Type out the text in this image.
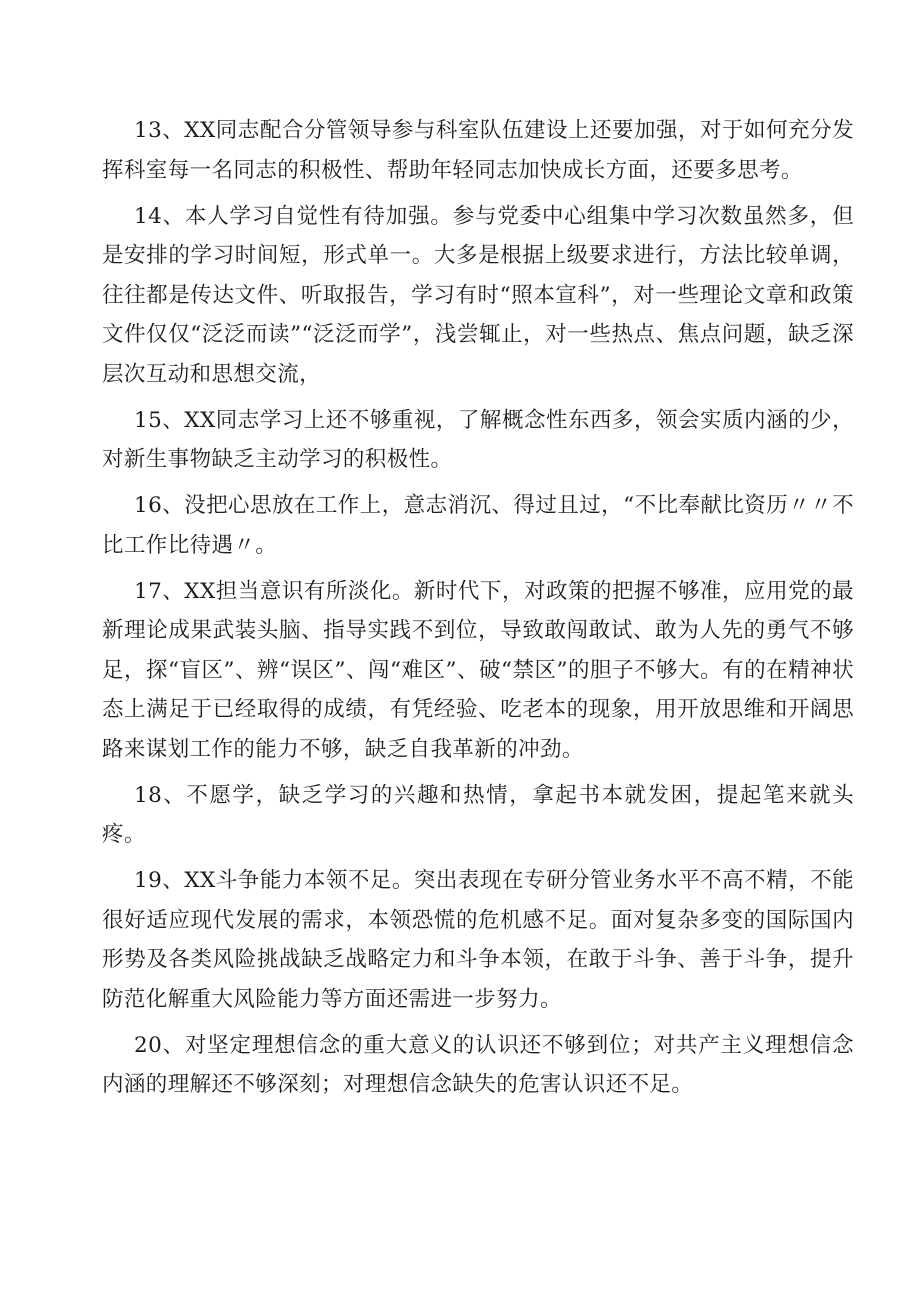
13、XX同志配合分管领导参与科室队伍建设上还要加强，对于如何充分发挥科室每一名同志的积极性、帮助年轻同志加快成长方面，还要多思考。

14、本人学习自觉性有待加强。参与党委中心组集中学习次数虽然多，但是安排的学习时间短，形式单一。大多是根据上级要求进行，方法比较单调，往往都是传达文件、听取报告，学习有时“照本宣科”，对一些理论文章和政策文件仅仅“泛泛而读”“泛泛而学”，浅尝辄止，对一些热点、焦点问题，缺乏深层次互动和思想交流，

15、XX同志学习上还不够重视，了解概念性东西多，领会实质内涵的少，对新生事物缺乏主动学习的积极性。

16、没把心思放在工作上，意志消沉、得过且过，“不比奉献比资历〃〃不比工作比待遇〃。

17、XX担当意识有所淡化。新时代下，对政策的把握不够准，应用党的最新理论成果武装头脑、指导实践不到位，导致敢闯敢试、敢为人先的勇气不够足，探“盲区”、辨“误区”、闯“难区”、破“禁区”的胆子不够大。有的在精神状态上满足于已经取得的成绩，有凭经验、吃老本的现象，用开放思维和开阔思路来谋划工作的能力不够，缺乏自我革新的冲劲。

18、不愿学，缺乏学习的兴趣和热情，拿起书本就发困，提起笔来就头疼。

19、XX斗争能力本领不足。突出表现在专研分管业务水平不高不精，不能很好适应现代发展的需求，本领恐慌的危机感不足。面对复杂多变的国际国内形势及各类风险挑战缺乏战略定力和斗争本领，在敢于斗争、善于斗争，提升防范化解重大风险能力等方面还需进一步努力。

20、对坚定理想信念的重大意义的认识还不够到位；对共产主义理想信念内涵的理解还不够深刻；对理想信念缺失的危害认识还不足。
